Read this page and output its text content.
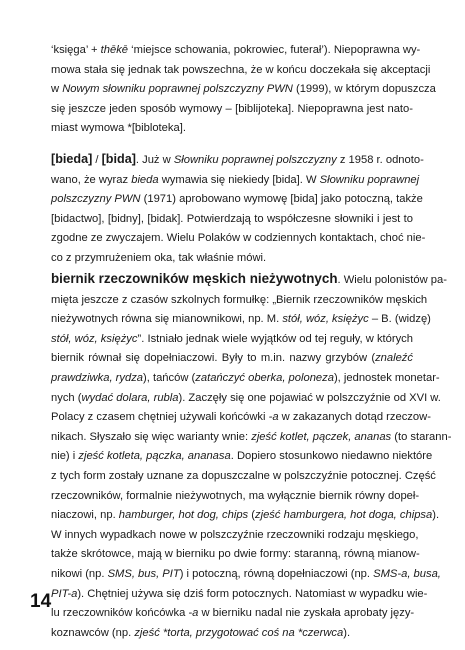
‘księga’ + thēkē ‘miejsce schowania, pokrowiec, futerał’). Niepoprawna wy-
mowa stała się jednak tak powszechna, że w końcu doczekała się akceptacji
w Nowym słowniku poprawnej polszczyzny PWN (1999), w którym dopuszcza
się jeszcze jeden sposób wymowy – [biblijoteka]. Niepoprawna jest nato-
miast wymowa *[bibloteka].
[bieda] / [bida]. Już w Słowniku poprawnej polszczyzny z 1958 r. odnoto-
wano, że wyraz bieda wymawia się niekiedy [bida]. W Słowniku poprawnej
polszczyzny PWN (1971) aprobowano wymowę [bida] jako potoczną, także
[bidactwo], [bidny], [bidak]. Potwierdzają to współczesne słowniki i jest to
zgodne ze zwyczajem. Wielu Polaków w codziennych kontaktach, choć nie-
co z przymrużeniem oka, tak właśnie mówi.
biernik rzeczowników męskich nieżywotnych. Wielu polonistów pa-
mięta jeszcze z czasów szkolnych formułkę: „Biernik rzeczowników męskich
nieżywotnych równa się mianownikowi, np. M. stół, wóz, księżyc – B. (widzę)
stół, wóz, księżyc”. Istniało jednak wiele wyjątków od tej reguły, w których
biernik równał się dopełniaczowi. Były to m.in. nazwy grzybów (znaleźć
prawdziwka, rydza), tańców (zatańczyć oberka, poloneza), jednostek monetar-
nych (wydać dolara, rubla). Zaczęły się one pojawiać w polszczyźnie od XVI w.
Polacy z czasem chętniej używali końcówki -a w zakazanych dotąd rzeczow-
nikach. Słyszało się więc warianty wnie: zjeść kotlet, pączek, ananas (to starann-
nie) i zjeść kotleta, pączka, ananasa. Dopiero stosunkowo niedawno niektóre
z tych form zostały uznane za dopuszczalne w polszczyźnie potocznej. Część
rzeczowników, formalnie nieżywotnych, ma wyłącznie biernik równy dopeł-
niaczowi, np. hamburger, hot dog, chips (zjeść hamburgera, hot doga, chipsa).
W innych wypadkach nowe w polszczyźnie rzeczowniki rodzaju męskiego,
także skrótowce, mają w bierniku po dwie formy: staranną, równą mianow-
nikowi (np. SMS, bus, PIT) i potoczną, równą dopełniaczowi (np. SMS-a, busa,
PIT-a). Chętniej używa się dziś form potocznych. Natomiast w wypadku wie-
lu rzeczowników końcówka -a w bierniku nadal nie zyskała aprobaty języ-
koznawców (np. zjeść *torta, przygotować coś na *czerwca).
14
